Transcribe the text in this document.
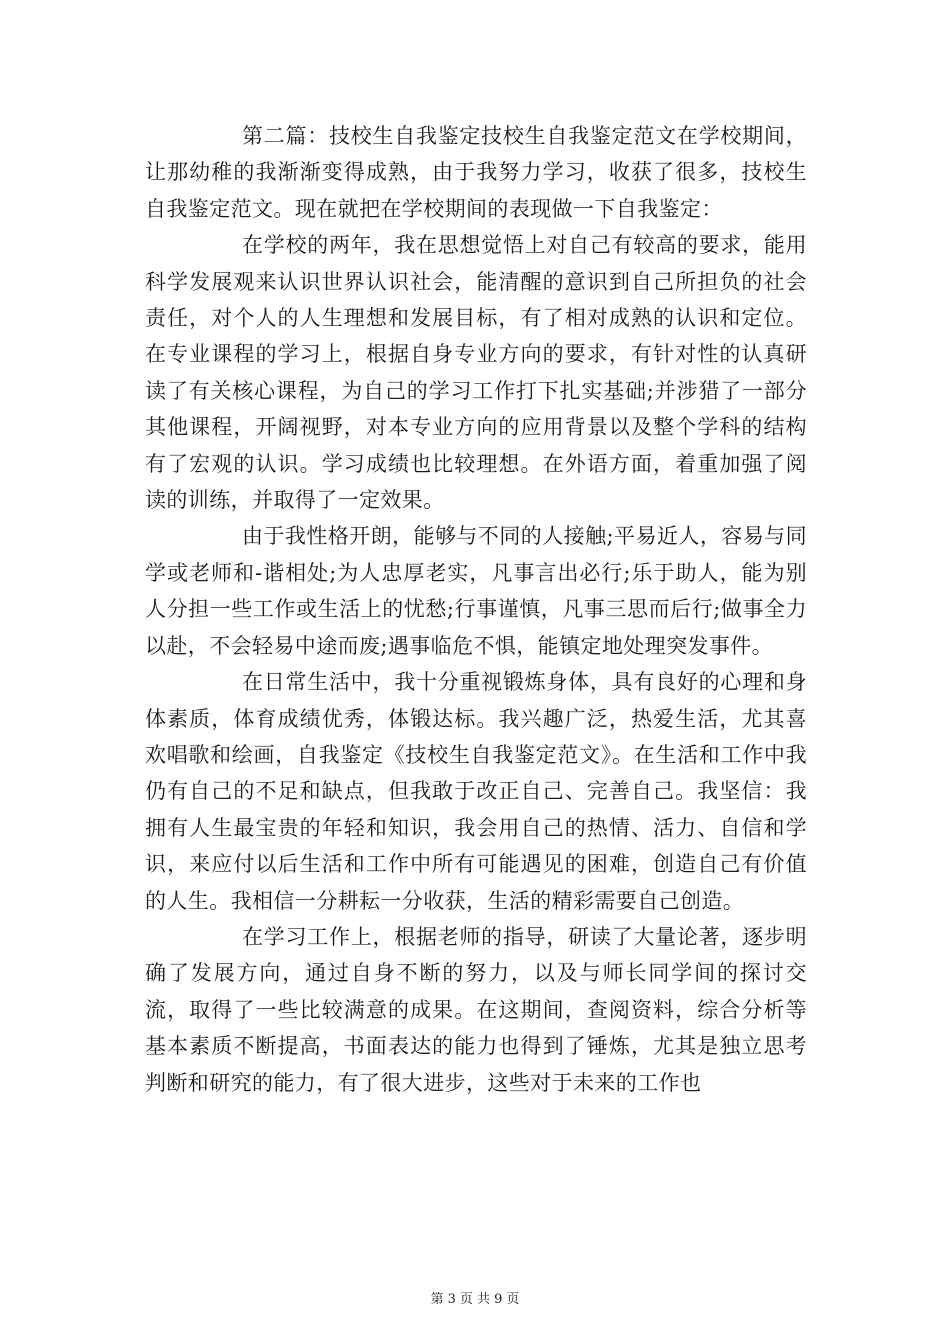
第二篇：技校生自我鉴定技校生自我鉴定范文在学校期间，让那幼稚的我渐渐变得成熟，由于我努力学习，收获了很多，技校生自我鉴定范文。现在就把在学校期间的表现做一下自我鉴定：

在学校的两年，我在思想觉悟上对自己有较高的要求，能用科学发展观来认识世界认识社会，能清醒的意识到自己所担负的社会责任，对个人的人生理想和发展目标，有了相对成熟的认识和定位。在专业课程的学习上，根据自身专业方向的要求，有针对性的认真研读了有关核心课程，为自己的学习工作打下扎实基础;并涉猎了一部分其他课程，开阔视野，对本专业方向的应用背景以及整个学科的结构有了宏观的认识。学习成绩也比较理想。在外语方面，着重加强了阅读的训练，并取得了一定效果。

由于我性格开朗，能够与不同的人接触;平易近人，容易与同学或老师和-谐相处;为人忠厚老实，凡事言出必行;乐于助人，能为别人分担一些工作或生活上的忧愁;行事谨慎，凡事三思而后行;做事全力以赴，不会轻易中途而废;遇事临危不惧，能镇定地处理突发事件。

在日常生活中，我十分重视锻炼身体，具有良好的心理和身体素质，体育成绩优秀，体锻达标。我兴趣广泛，热爱生活，尤其喜欢唱歌和绘画，自我鉴定《技校生自我鉴定范文》。在生活和工作中我仍有自己的不足和缺点，但我敢于改正自己、完善自己。我坚信：我拥有人生最宝贵的年轻和知识，我会用自己的热情、活力、自信和学识，来应付以后生活和工作中所有可能遇见的困难，创造自己有价值的人生。我相信一分耕耘一分收获，生活的精彩需要自己创造。

在学习工作上，根据老师的指导，研读了大量论著，逐步明确了发展方向，通过自身不断的努力，以及与师长同学间的探讨交流，取得了一些比较满意的成果。在这期间，查阅资料，综合分析等基本素质不断提高，书面表达的能力也得到了锤炼，尤其是独立思考判断和研究的能力，有了很大进步，这些对于未来的工作也

第 3 页 共 9 页
